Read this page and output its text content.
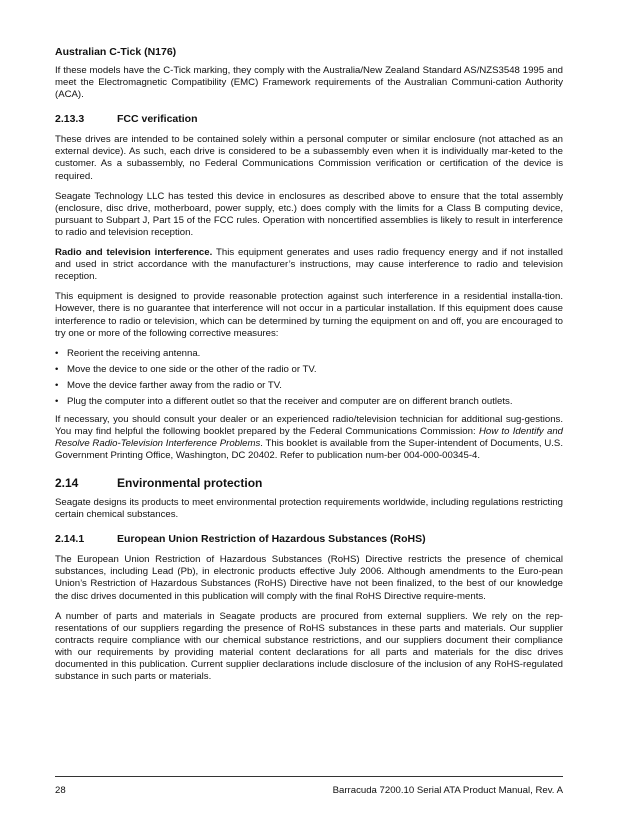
Australian C-Tick (N176)

If these models have the C-Tick marking, they comply with the Australia/New Zealand Standard AS/NZS3548 1995 and meet the Electromagnetic Compatibility (EMC) Framework requirements of the Australian Communi-cation Authority (ACA).

2.13.3	FCC verification

These drives are intended to be contained solely within a personal computer or similar enclosure (not attached as an external device). As such, each drive is considered to be a subassembly even when it is individually mar-keted to the customer. As a subassembly, no Federal Communications Commission verification or certification of the device is required.

Seagate Technology LLC has tested this device in enclosures as described above to ensure that the total assembly (enclosure, disc drive, motherboard, power supply, etc.) does comply with the limits for a Class B computing device, pursuant to Subpart J, Part 15 of the FCC rules. Operation with noncertified assemblies is likely to result in interference to radio and television reception.

Radio and television interference. This equipment generates and uses radio frequency energy and if not installed and used in strict accordance with the manufacturer’s instructions, may cause interference to radio and television reception.

This equipment is designed to provide reasonable protection against such interference in a residential installa-tion. However, there is no guarantee that interference will not occur in a particular installation. If this equipment does cause interference to radio or television, which can be determined by turning the equipment on and off, you are encouraged to try one or more of the following corrective measures:

• Reorient the receiving antenna.
• Move the device to one side or the other of the radio or TV.
• Move the device farther away from the radio or TV.
• Plug the computer into a different outlet so that the receiver and computer are on different branch outlets.

If necessary, you should consult your dealer or an experienced radio/television technician for additional sug-gestions. You may find helpful the following booklet prepared by the Federal Communications Commission: How to Identify and Resolve Radio-Television Interference Problems. This booklet is available from the Super-intendent of Documents, U.S. Government Printing Office, Washington, DC 20402. Refer to publication num-ber 004-000-00345-4.

2.14	Environmental protection

Seagate designs its products to meet environmental protection requirements worldwide, including regulations restricting certain chemical substances.

2.14.1	European Union Restriction of Hazardous Substances (RoHS)

The European Union Restriction of Hazardous Substances (RoHS) Directive restricts the presence of chemical substances, including Lead (Pb), in electronic products effective July 2006. Although amendments to the Euro-pean Union’s Restriction of Hazardous Substances (RoHS) Directive have not been finalized, to the best of our knowledge the disc drives documented in this publication will comply with the final RoHS Directive require-ments.

A number of parts and materials in Seagate products are procured from external suppliers. We rely on the rep-resentations of our suppliers regarding the presence of RoHS substances in these parts and materials. Our supplier contracts require compliance with our chemical substance restrictions, and our suppliers document their compliance with our requirements by providing material content declarations for all parts and materials for the disc drives documented in this publication. Current supplier declarations include disclosure of the inclusion of any RoHS-regulated substance in such parts or materials.

28	Barracuda 7200.10 Serial ATA Product Manual, Rev. A
